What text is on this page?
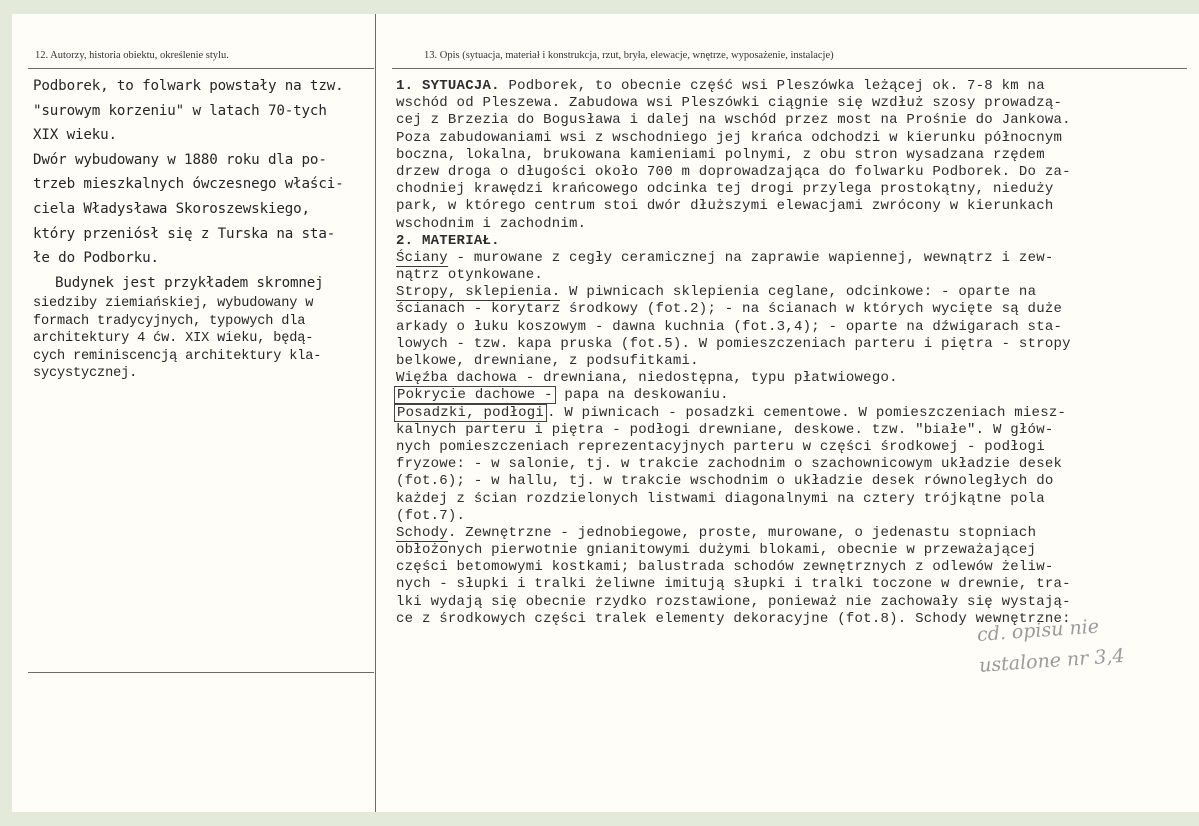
12. Autorzy, historia obiektu, określenie stylu.	13. Opis (sytuacja, materiał i konstrukcja, rzut, bryła, elewacje, wnętrze, wyposażenie, instalacje)
Podborek, to folwark powstały na tzw.
"surowym korzeniu" w latach 70-tych
XIX wieku.
Dwór wybudowany w 1880 roku dla po-
trzeb mieszkalnych ówczesnego właści-
ciela Władysława Skoroszewskiego,
który przeniósł się z Turska na sta-
łe do Podborku.
Budynek jest przykładem skromnej
siedziby ziemiańskiej, wybudowany w
formach tradycyjnych, typowych dla
architektury 4 ćw. XIX wieku, będą-
cych reminiscencją architektury kla-
sycystycznej.
1. SYTUACJA. Podborek, to obecnie część wsi Pleszówka leżącej ok. 7-8 km na
wschód od Pleszewa. Zabudowa wsi Pleszówki ciągnie się wzdłuż szosy prowadzą-
cej z Brzezia do Bogusława i dalej na wschód przez most na Prośnie do Jankowa.
Poza zabudowaniami wsi z wschodniego jej krańca odchodzi w kierunku północnym
boczna, lokalna, brukowana kamieniami polnymi, z obu stron wysadzana rzędem
drzew droga o długości około 700 m doprowadzająca do folwarku Podborek. Do za-
chodniej krawędzi krańcowego odcinka tej drogi przylega prostokątny, nieduży
park, w którego centrum stoi dwór dłuższymi elewacjami zwrócony w kierunkach
wschodnim i zachodnim.
2. MATERIAŁ.
Ściany - murowane z cegły ceramicznej na zaprawie wapiennej, wewnątrz i zew-
nątrz otynkowane.
Stropy, sklepienia. W piwnicach sklepienia ceglane, odcinkowe: - oparte na
ścianach - korytarz środkowy (fot.2); - na ścianach w których wycięte są duże
arkady o łuku koszowym - dawna kuchnia (fot.3,4); - oparte na dźwigarach sta-
lowych - tzw. kapa pruska (fot.5). W pomieszczeniach parteru i piętra - stropy
belkowe, drewniane, z podsufitkami.
Więźba dachowa - drewniana, niedostępna, typu płatwiowego.
Pokrycie dachowe - papa na deskowaniu.
Posadzki, podłogi . W piwnicach - posadzki cementowe. W pomieszczeniach miesz-
kalnych parteru i piętra - podłogi drewniane, deskowe. tzw. "białe". W głów-
nych pomieszczeniach reprezentacyjnych parteru w części środkowej - podłogi
fryzowe: - w salonie, tj. w trakcie zachodnim o szachownicowym układzie desek
(fot.6); - w hallu, tj. w trakcie wschodnim o układzie desek równoległych do
każdej z ścian rozdzielonych listwami diagonalnymi na cztery trójkątne pola
(fot.7).
Schody. Zewnętrzne - jednobiegowe, proste, murowane, o jedenastu stopniach
obłożonych pierwotnie gnianitowymi dużymi blokami, obecnie w przeważającej
części betomowymi kostkami; balustrada schodów zewnętrznych z odlewów żeliw-
nych - słupki i tralki żeliwne imitują słupki i tralki toczone w drewnie, tra-
lki wydają się obecnie rzydko rozstawione, ponieważ nie zachowały się wystają-
ce z środkowych części tralek elementy dekoracyjne (fot.8). Schody wewnętrzne:
cd. opisu nie
ustalone nr 3,4
